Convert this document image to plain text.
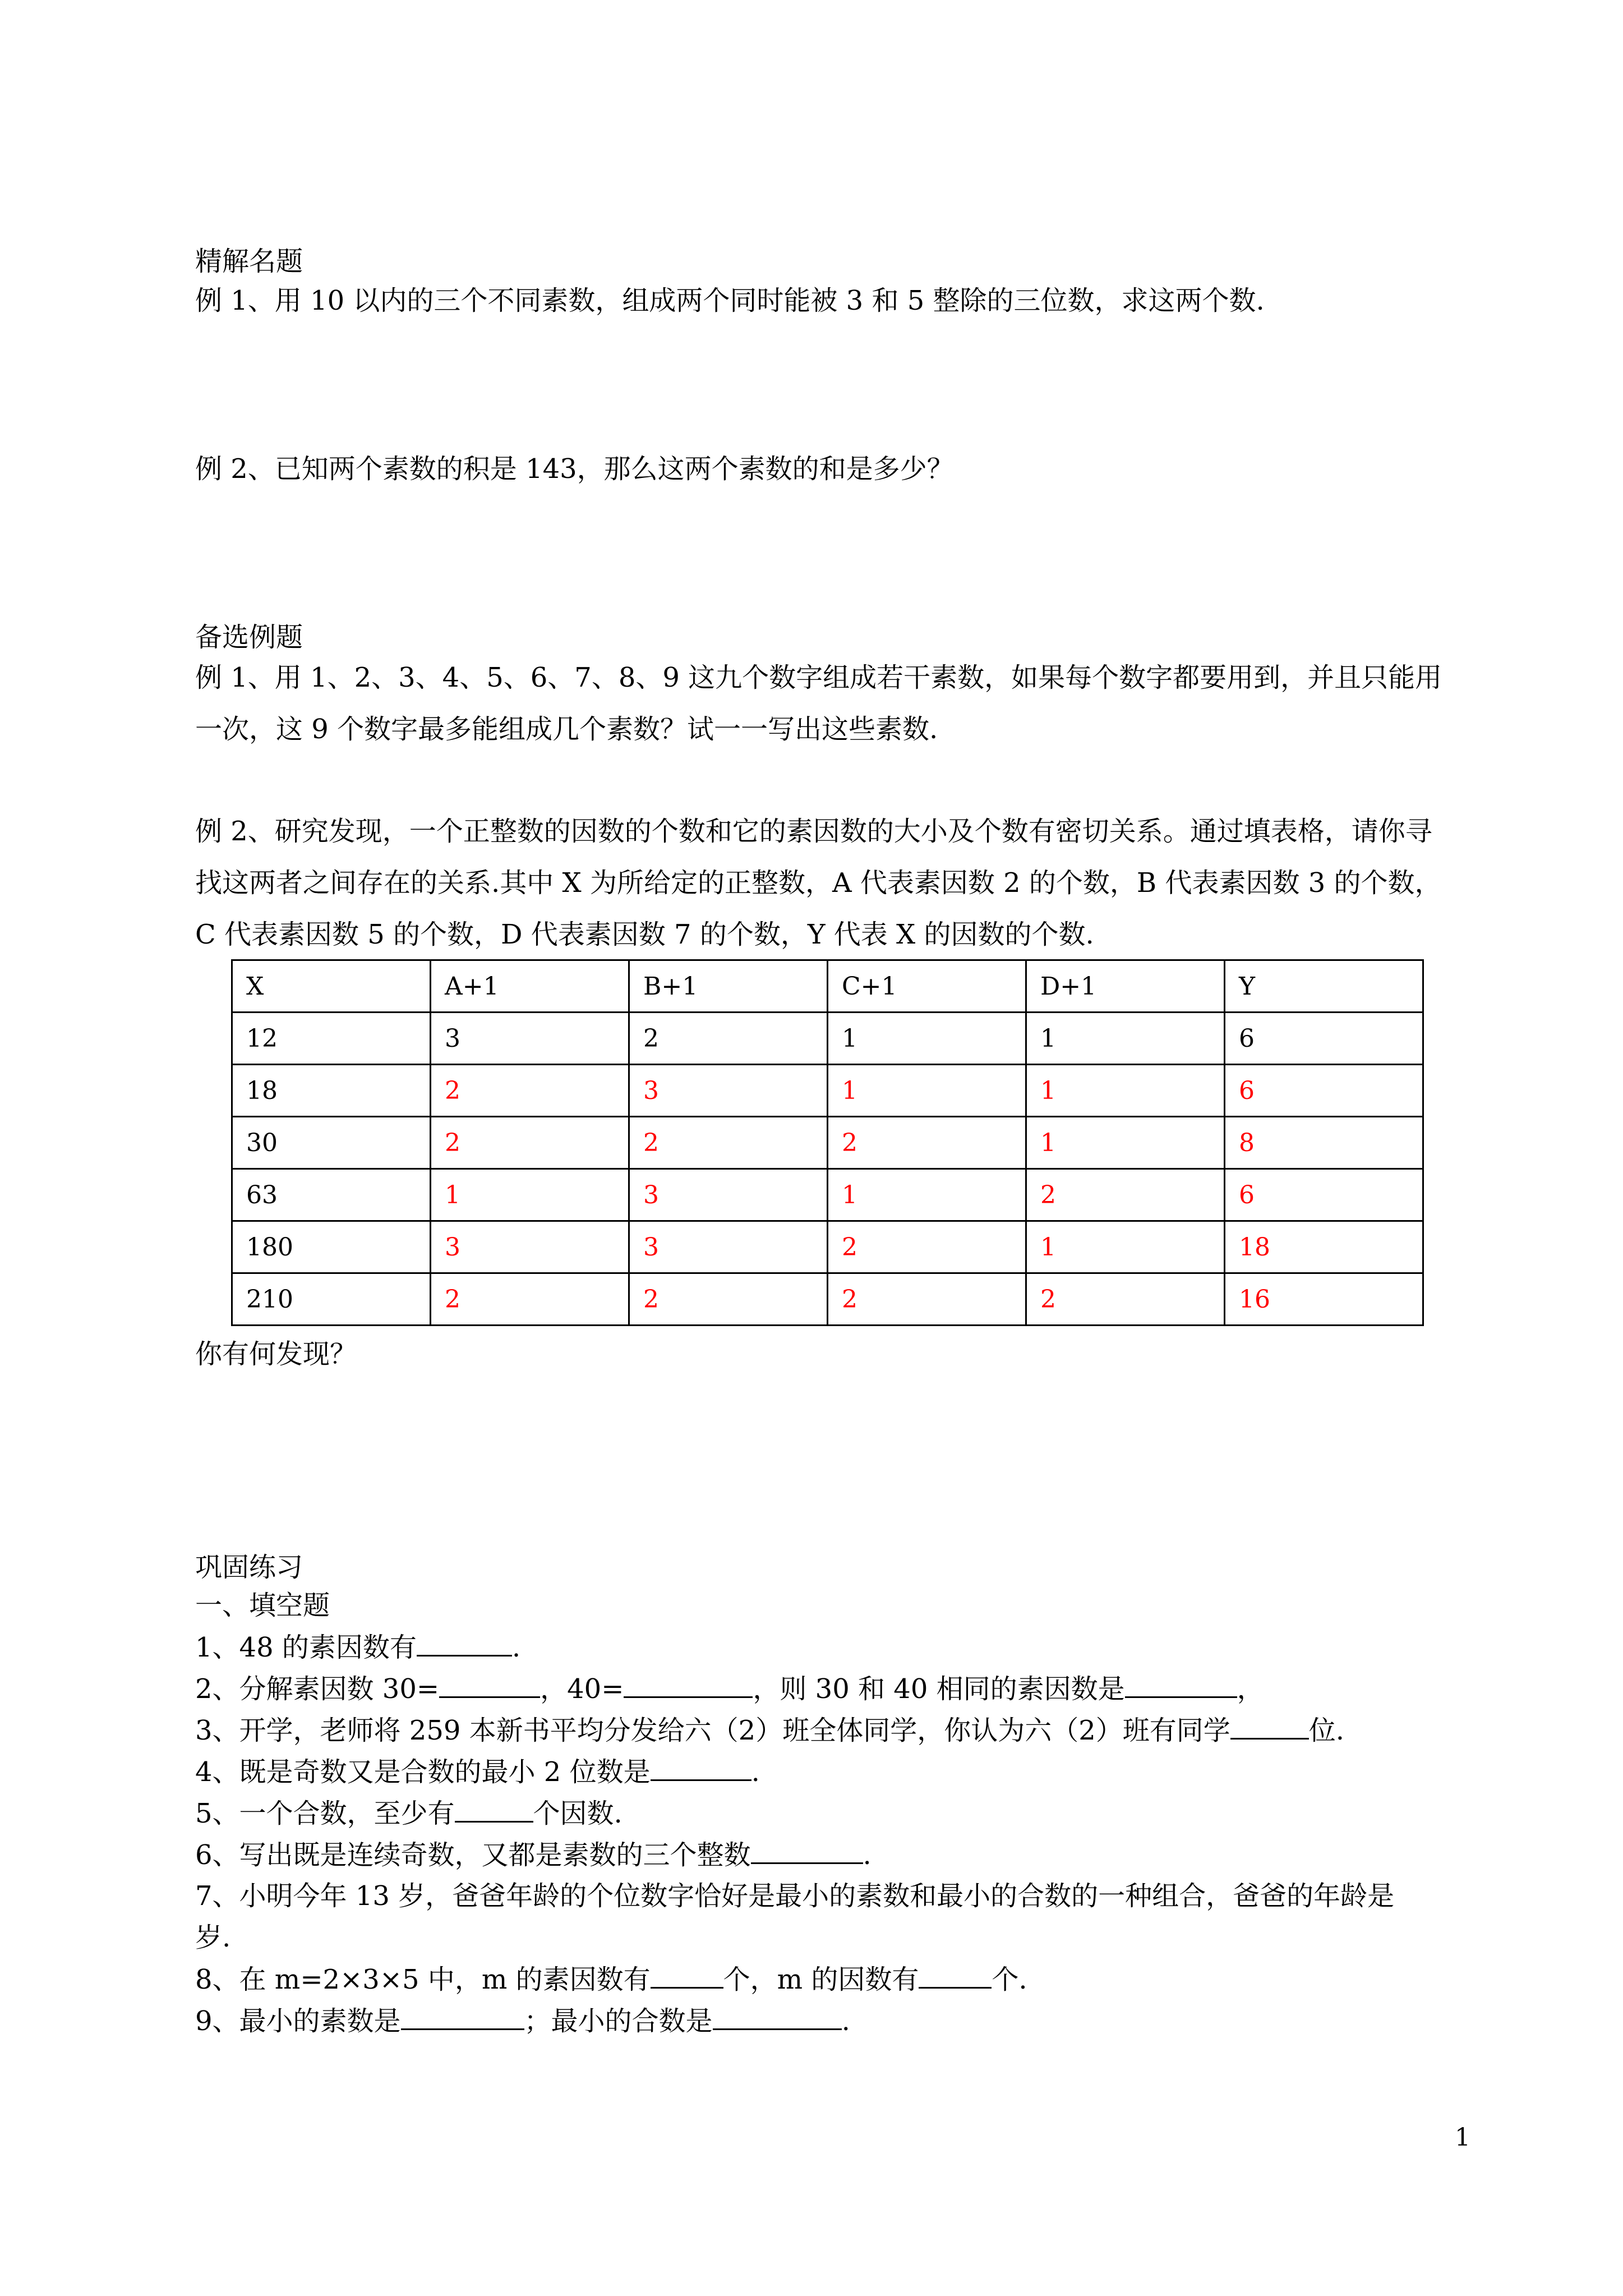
精解名题
例 1、用 10 以内的三个不同素数，组成两个同时能被 3 和 5 整除的三位数，求这两个数.
例 2、已知两个素数的积是 143，那么这两个素数的和是多少？
备选例题
例 1、用 1、2、3、4、5、6、7、8、9 这九个数字组成若干素数，如果每个数字都要用到，并且只能用一次，这 9 个数字最多能组成几个素数？试一一写出这些素数.
例 2、研究发现，一个正整数的因数的个数和它的素因数的大小及个数有密切关系。通过填表格，请你寻找这两者之间存在的关系.其中 X 为所给定的正整数，A 代表素因数 2 的个数，B 代表素因数 3 的个数，C 代表素因数 5 的个数，D 代表素因数 7 的个数，Y 代表 X 的因数的个数.
X	A+1	B+1	C+1	D+1	Y
12	3	2	1	1	6
18	2	3	1	1	6
30	2	2	2	1	8
63	1	3	1	2	6
180	3	3	2	1	18
210	2	2	2	2	16
你有何发现？
巩固练习
一、填空题
1、48 的素因数有	.
2、分解素因数 30=	，40=	，则 30 和 40 相同的素因数是	，
3、开学，老师将 259 本新书平均分发给六（2）班全体同学，你认为六（2）班有同学	位.
4、既是奇数又是合数的最小 2 位数是	.
5、一个合数，至少有	个因数.
6、写出既是连续奇数，又都是素数的三个整数	.
7、小明今年 13 岁，爸爸年龄的个位数字恰好是最小的素数和最小的合数的一种组合，爸爸的年龄是
岁.
8、在 m=2×3×5 中，m 的素因数有	个，m 的因数有	个.
9、最小的素数是	；最小的合数是	.
1
